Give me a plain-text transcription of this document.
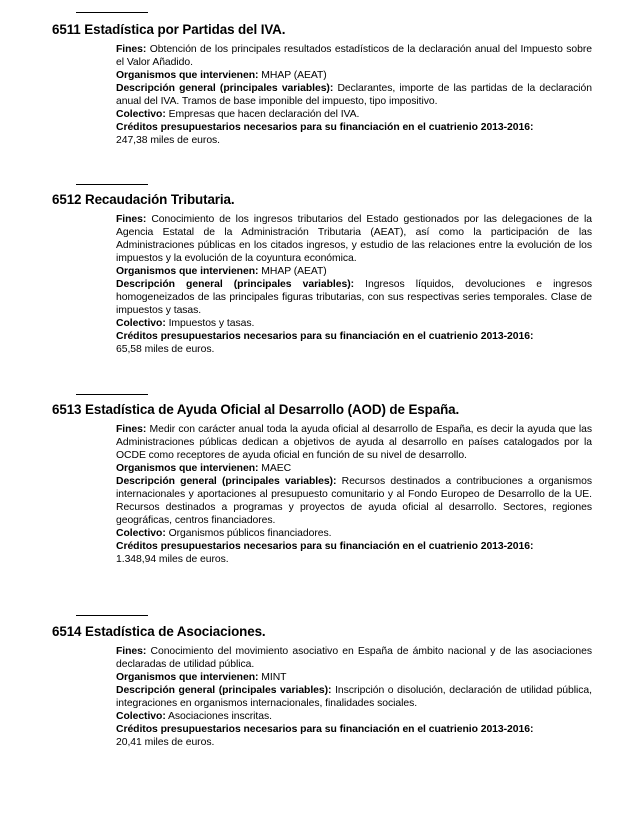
6511 Estadística por Partidas del IVA.

Fines: Obtención de los principales resultados estadísticos de la declaración anual del Impuesto sobre el Valor Añadido.

Organismos que intervienen: MHAP (AEAT)

Descripción general (principales variables): Declarantes, importe de las partidas de la declaración anual del IVA. Tramos de base imponible del impuesto, tipo impositivo.

Colectivo: Empresas que hacen declaración del IVA.

Créditos presupuestarios necesarios para su financiación en el cuatrienio 2013-2016:

247,38 miles de euros.

6512 Recaudación Tributaria.

Fines: Conocimiento de los ingresos tributarios del Estado gestionados por las delegaciones de la Agencia Estatal de la Administración Tributaria (AEAT), así como la participación de las Administraciones públicas en los citados ingresos, y estudio de las relaciones entre la evolución de los impuestos y la evolución de la coyuntura económica.

Organismos que intervienen: MHAP (AEAT)

Descripción general (principales variables): Ingresos líquidos, devoluciones e ingresos homogeneizados de las principales figuras tributarias, con sus respectivas series temporales. Clase de impuestos y tasas.

Colectivo: Impuestos y tasas.

Créditos presupuestarios necesarios para su financiación en el cuatrienio 2013-2016:

65,58 miles de euros.

6513 Estadística de Ayuda Oficial al Desarrollo (AOD) de España.

Fines: Medir con carácter anual toda la ayuda oficial al desarrollo de España, es decir la ayuda que las Administraciones públicas dedican a objetivos de ayuda al desarrollo en países catalogados por la OCDE como receptores de ayuda oficial en función de su nivel de desarrollo.

Organismos que intervienen: MAEC

Descripción general (principales variables): Recursos destinados a contribuciones a organismos internacionales y aportaciones al presupuesto comunitario y al Fondo Europeo de Desarrollo de la UE. Recursos destinados a programas y proyectos de ayuda oficial al desarrollo. Sectores, regiones geográficas, centros financiadores.

Colectivo: Organismos públicos financiadores.

Créditos presupuestarios necesarios para su financiación en el cuatrienio 2013-2016:

1.348,94 miles de euros.

6514 Estadística de Asociaciones.

Fines: Conocimiento del movimiento asociativo en España de ámbito nacional y de las asociaciones declaradas de utilidad pública.

Organismos que intervienen: MINT

Descripción general (principales variables): Inscripción o disolución, declaración de utilidad pública, integraciones en organismos internacionales, finalidades sociales.

Colectivo: Asociaciones inscritas.

Créditos presupuestarios necesarios para su financiación en el cuatrienio 2013-2016:

20,41 miles de euros.
